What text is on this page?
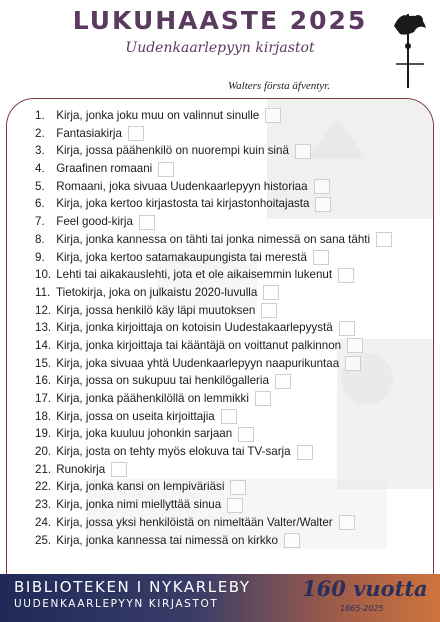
LUKUHAASTE 2025
Uudenkaarlepyyn kirjastot
Walters första äfventyr.
1. Kirja, jonka joku muu on valinnut sinulle
2. Fantasiakirja
3. Kirja, jossa päähenkilö on nuorempi kuin sinä
4. Graafinen romaani
5. Romaani, joka sivuaa Uudenkaarlepyyn historiaa
6. Kirja, joka kertoo kirjastosta tai kirjastonhoitajasta
7. Feel good-kirja
8. Kirja, jonka kannessa on tähti tai jonka nimessä on sana tähti
9. Kirja, joka kertoo satamakaupungista tai merestä
10. Lehti tai aikakauslehti, jota et ole aikaisemmin lukenut
11. Tietokirja, joka on julkaistu 2020-luvulla
12. Kirja, jossa henkilö käy läpi muutoksen
13. Kirja, jonka kirjoittaja on kotoisin Uudestakaarlepyystä
14. Kirja, jonka kirjoittaja tai kääntäjä on voittanut palkinnon
15. Kirja, joka sivuaa yhtä Uudenkaarlepyyn naapurikuntaa
16. Kirja, jossa on sukupuu tai henkilögalleria
17. Kirja, jonka päähenkilöllä on lemmikki
18. Kirja, jossa on useita kirjoittajia
19. Kirja, joka kuuluu johonkin sarjaan
20. Kirja, josta on tehty myös elokuva tai TV-sarja
21. Runokirja
22. Kirja, jonka kansi on lempiväriäsi
23. Kirja, jonka nimi miellyttää sinua
24. Kirja, jossa yksi henkilöistä on nimeltään Valter/Walter
25. Kirja, jonka kannessa tai nimessä on kirkko
BIBLIOTEKEN I NYKARLEBY
UUDENKAARLEPYYN KIRJASTOT
160 vuotta
1865-2025
